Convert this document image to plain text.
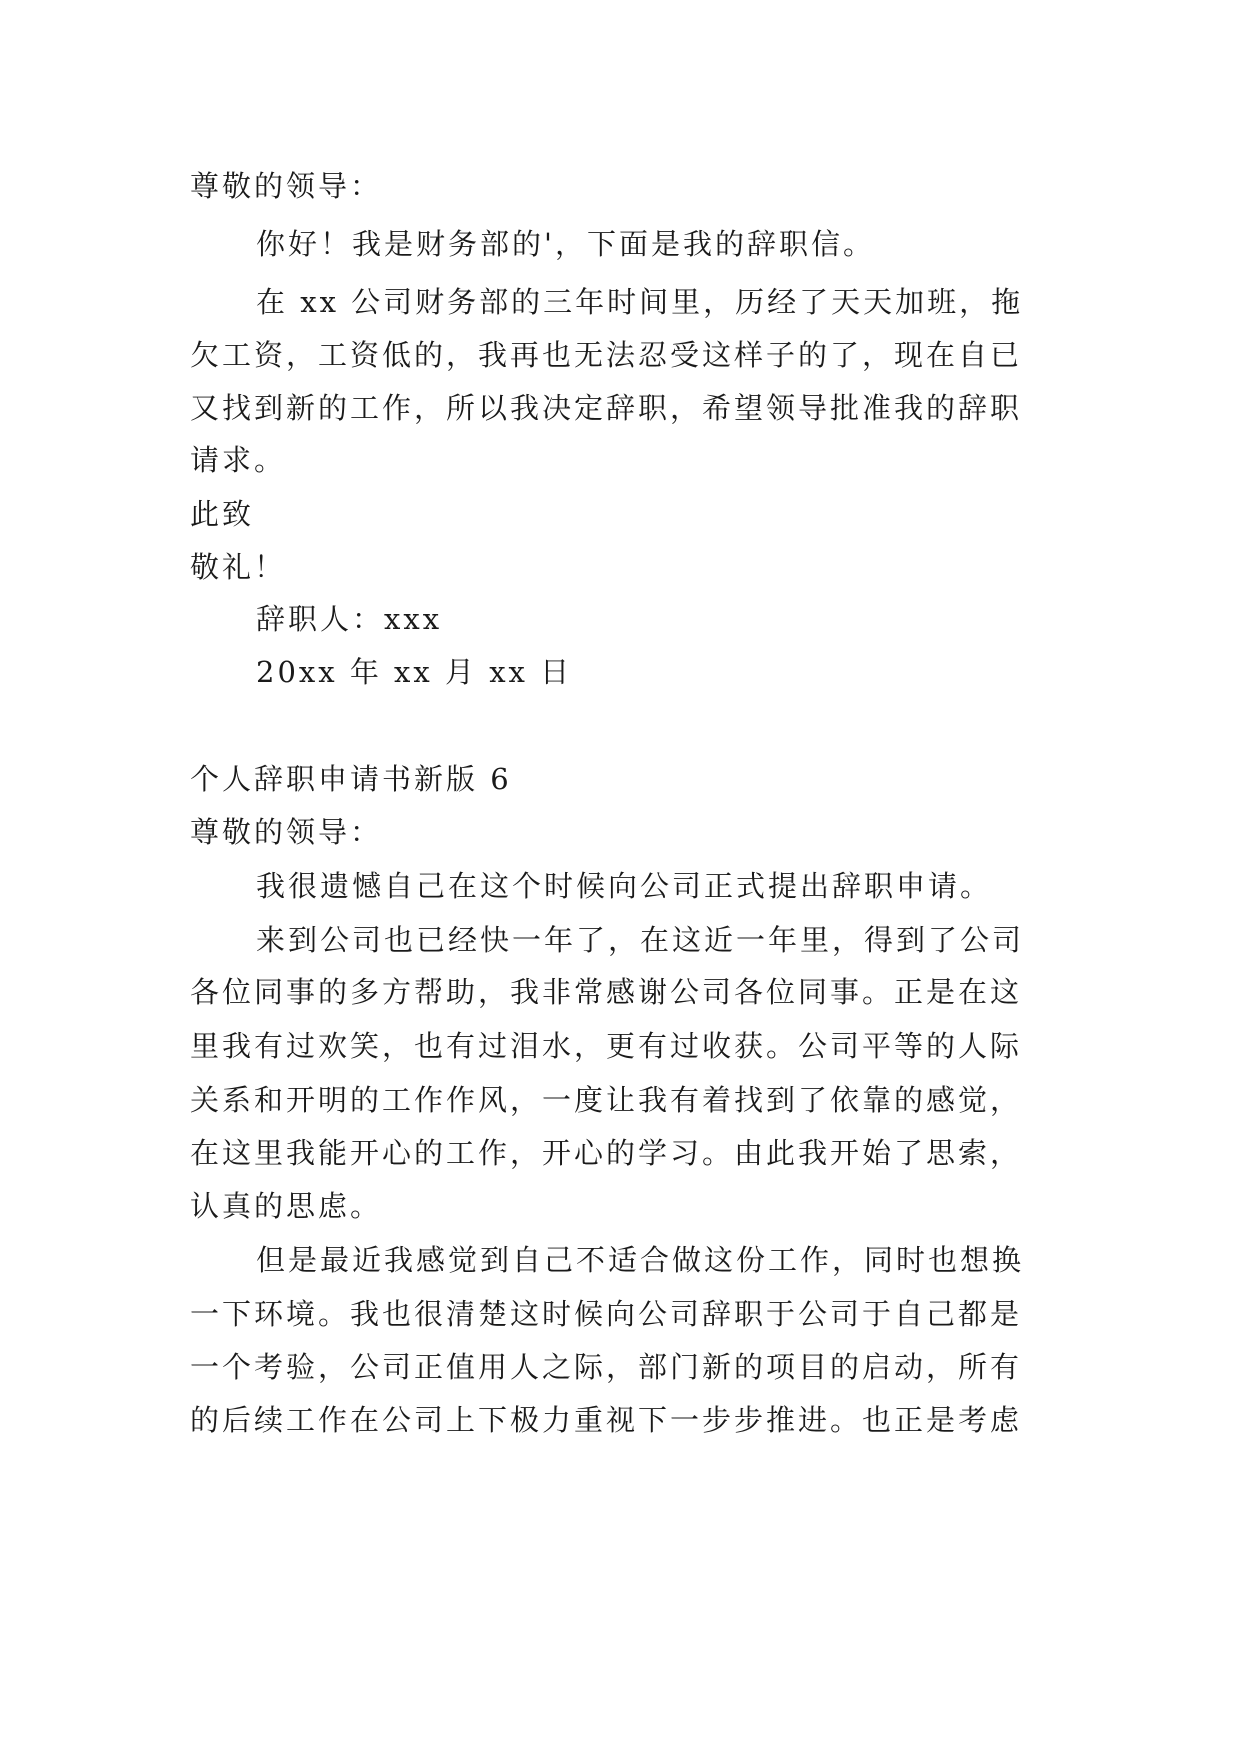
尊敬的领导：

你好！我是财务部的'，下面是我的辞职信。

在 xx 公司财务部的三年时间里，历经了天天加班，拖

欠工资，工资低的，我再也无法忍受这样子的了，现在自已

又找到新的工作，所以我决定辞职，希望领导批准我的辞职

请求。

此致

敬礼！

辞职人：xxx

20xx 年 xx 月 xx 日

个人辞职申请书新版 6

尊敬的领导：

我很遗憾自己在这个时候向公司正式提出辞职申请。

来到公司也已经快一年了，在这近一年里，得到了公司

各位同事的多方帮助，我非常感谢公司各位同事。正是在这

里我有过欢笑，也有过泪水，更有过收获。公司平等的人际

关系和开明的工作作风，一度让我有着找到了依靠的感觉，

在这里我能开心的工作，开心的学习。由此我开始了思索，

认真的思虑。

但是最近我感觉到自己不适合做这份工作，同时也想换

一下环境。我也很清楚这时候向公司辞职于公司于自己都是

一个考验，公司正值用人之际，部门新的项目的启动，所有

的后续工作在公司上下极力重视下一步步推进。也正是考虑
